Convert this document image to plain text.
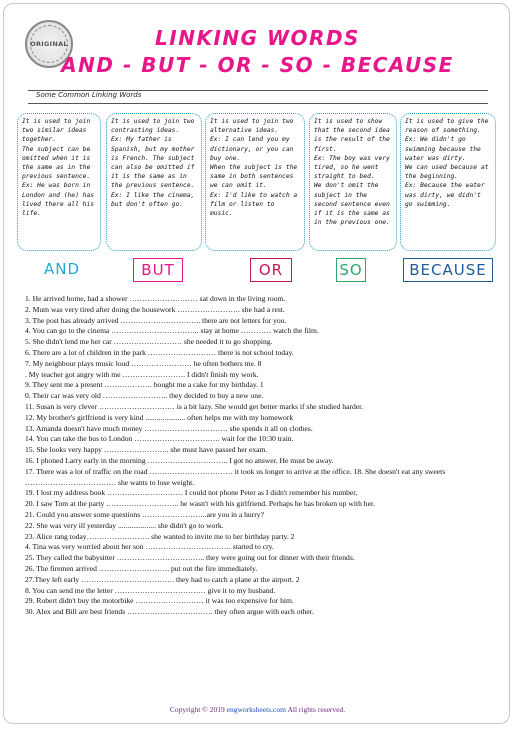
ORIGINAL	LINKING WORDS
AND - BUT - OR - SO - BECAUSE
Some Common Linking Words
It is used to join two similar ideas together.
The subject can be omitted when it is the same as in the previous sentence.
Ex: He was born in London and (he) has lived there all his life.
It is used to join two contrasting ideas.
Ex: My father is Spanish, but my mother is French. The subject can also be omitted if it is the same as in the previous sentence.
Ex: I like the cinema, but don't often go.
It is used to join two alternative ideas.
Ex: I can lend you my dictionary, or you can buy one.
When the subject is the same in both sentences we can omit it.
Ex: I'd like to watch a film or listen to music.
It is used to show that the second idea is the result of the first.
Ex: The boy was very tired, so he went straight to bed.
We don't omit the subject in the second sentence even if it is the same as in the previous one.
It is used to give the reason of something.
Ex: We didn't go swimming because the water was dirty.
We can used because at the beginning.
Ex: Because the water was dirty, we didn't go swimming.
AND	BUT	OR	SO	BECAUSE
1. He arrived home, had a shower ……………………… sat down in the living room.
2. Mum was very tired after doing the housework ……………………. she had a rest.
3. The post has already arrived ………………………….. there are not letters for you.
4. You can go to the cinema …………………………….. stay at home ………… watch the film.
5. She didn't lend me her car ……………………… she needed it to go shopping.
6. There are a lot of children in the park ……………………… there is not school today.
7. My neighbour plays music loud …………………… he often bothers me. 8
. My teacher got angry with me ……………………. I didn't finish my work.
9. They sent me a present ………………. bought me a cake for my birthday. 1
0. Their car was very old …………………….. they decided to buy a new one.
11. Susan is very clever ………………………… is a bit lazy. She would get better marks if she studied harder.
12. My brother's girlfriend is very kind ..................... often helps me with my homework
13. Amanda doesn't have much money …………………………… she spends it all on clothes.
14. You can take the bus to London ……………………………. wait for the 10:30 train.
15. She looks very happy …………………….. she must have passed her exam.
16. I phoned Larry early in the morning ………………………….. I got no answer. He must be away.
17. There was a lot of traffic on the road …………………………… it took us longer to arrive at the office. 18. She doesn't eat any sweets ……………………………… she wants to lose weight.
19. I lost my address book ………………………… I could not phone Peter as I didn't remember his number,
20. I saw Tom at the party ……………………….. he wasn't with his girlfriend. Perhaps he has broken up with her.
21. Could you answer some questions ……………………..are you in a hurry?
22. She was very ill yesterday .................... she didn't go to work.
23. Alice rang today……………………. she wanted to invite me to her birthday party. 2
4. Tina was very worried about her son ……………………………. started to cry.
25. They called the babysitter …………………………….. they were going out for dinner with their friends.
26. The firemen arrived ………………………. put out the fire immediately.
27.They left early ………………………………. they had to catch a plane at the airport. 2
8. You can send me the letter ……………………………… give it to my husband.
29. Robert didn't buy the motorbike ……………………… it was too expensive for him.
30. Alex and Bill are best friends ……………………………. they often argue with each other.
Copyright © 2019 engworksheets.com All rights reserved.
